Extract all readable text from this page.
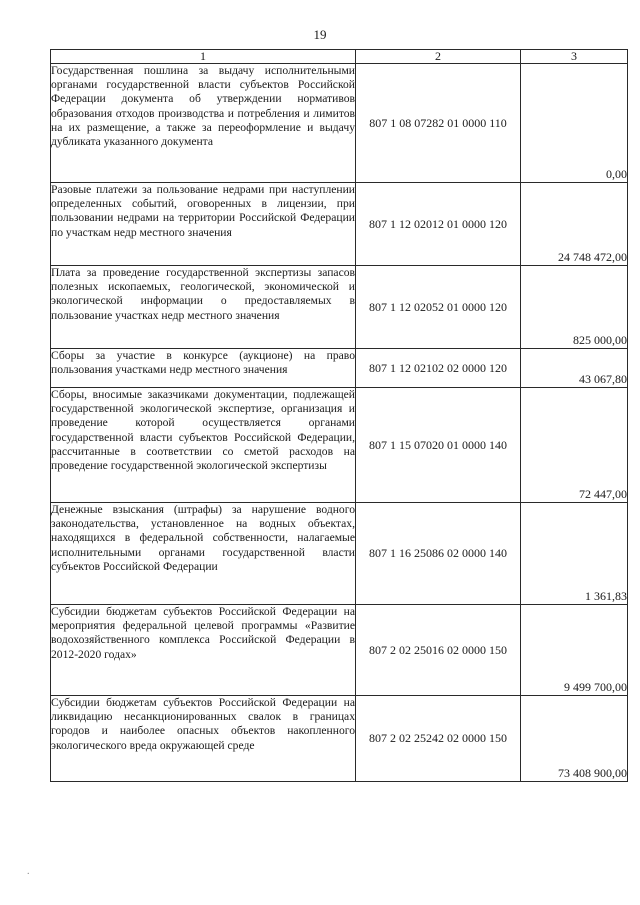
19
1	2	3
Государственная пошлина за выдачу исполнительными органами государственной власти субъектов Российской Федерации документа об утверждении нормативов образования отходов производства и потребления и лимитов на их размещение, а также за переоформление и выдачу дубликата указанного документа	807 1 08 07282 01 0000 110	0,00
Разовые платежи за пользование недрами при наступлении определенных событий, оговоренных в лицензии, при пользовании недрами на территории Российской Федерации по участкам недр местного значения	807 1 12 02012 01 0000 120	24 748 472,00
Плата за проведение государственной экспертизы запасов полезных ископаемых, геологической, экономической и экологической информации о предоставляемых в пользование участках недр местного значения	807 1 12 02052 01 0000 120	825 000,00
Сборы за участие в конкурсе (аукционе) на право пользования участками недр местного значения	807 1 12 02102 02 0000 120	43 067,80
Сборы, вносимые заказчиками документации, подлежащей государственной экологической экспертизе, организация и проведение которой осуществляется органами государственной власти субъектов Российской Федерации, рассчитанные в соответствии со сметой расходов на проведение государственной экологической экспертизы	807 1 15 07020 01 0000 140	72 447,00
Денежные взыскания (штрафы) за нарушение водного законодательства, установленное на водных объектах, находящихся в федеральной собственности, налагаемые исполнительными органами государственной власти субъектов Российской Федерации	807 1 16 25086 02 0000 140	1 361,83
Субсидии бюджетам субъектов Российской Федерации на мероприятия федеральной целевой программы «Развитие водохозяйственного комплекса Российской Федерации в 2012-2020 годах»	807 2 02 25016 02 0000 150	9 499 700,00
Субсидии бюджетам субъектов Российской Федерации на ликвидацию несанкционированных свалок в границах городов и наиболее опасных объектов накопленного экологического вреда окружающей среде	807 2 02 25242 02 0000 150	73 408 900,00
.
